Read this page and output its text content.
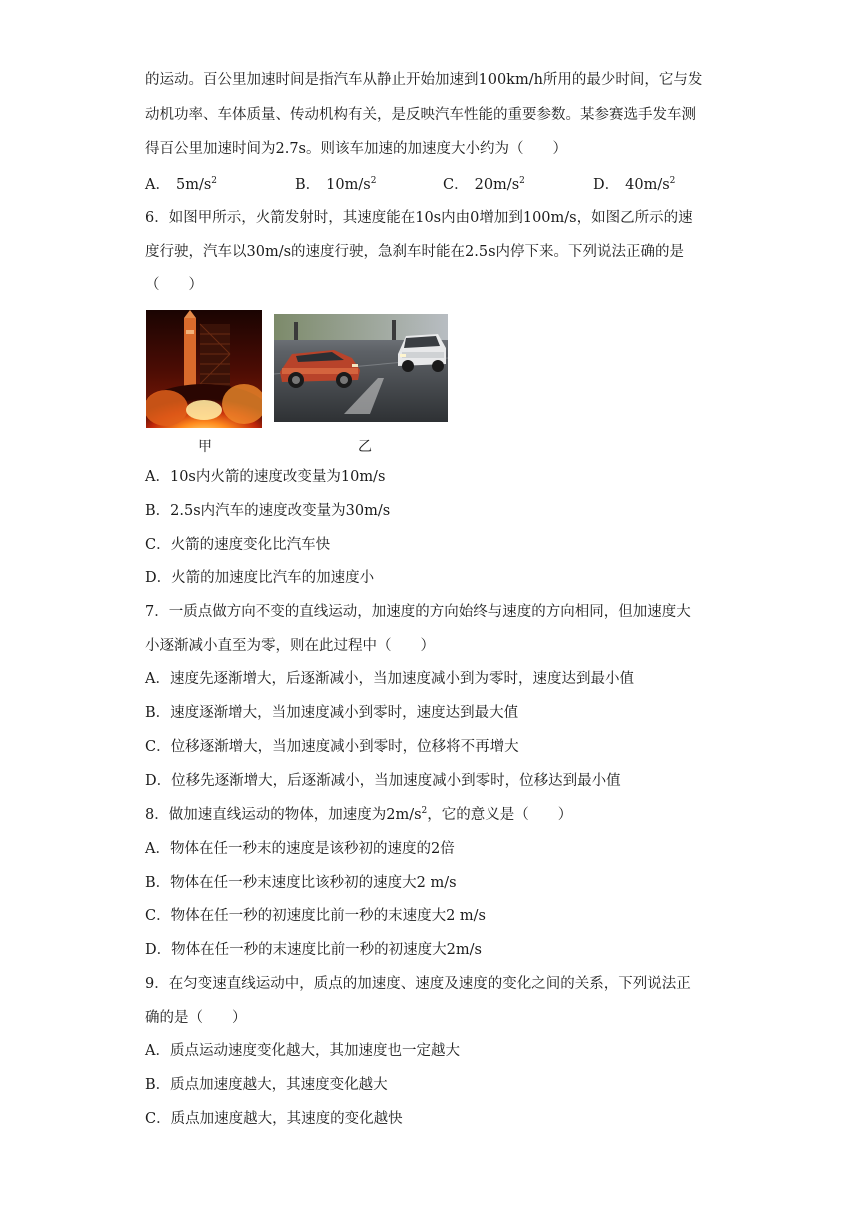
的运动。百公里加速时间是指汽车从静止开始加速到100km/h所用的最少时间，它与发
动机功率、车体质量、传动机构有关，是反映汽车性能的重要参数。某参赛选手发车测
得百公里加速时间为2.7s。则该车加速的加速度大小约为（　　）
A． $5m/s^2$	B． $10m/s^2$	C． $20m/s^2$	D． $40m/s^2$
6．如图甲所示，火箭发射时，其速度能在10s内由0增加到100m/s，如图乙所示的速
度行驶，汽车以30m/s的速度行驶，急刹车时能在2.5s内停下来。下列说法正确的是
（　　）
甲	乙
A．10s内火箭的速度改变量为10m/s
B．2.5s内汽车的速度改变量为30m/s
C．火箭的速度变化比汽车快
D．火箭的加速度比汽车的加速度小
7．一质点做方向不变的直线运动，加速度的方向始终与速度的方向相同，但加速度大
小逐渐减小直至为零，则在此过程中（　　）
A．速度先逐渐增大，后逐渐减小，当加速度减小到为零时，速度达到最小值
B．速度逐渐增大，当加速度减小到零时，速度达到最大值
C．位移逐渐增大，当加速度减小到零时，位移将不再增大
D．位移先逐渐增大，后逐渐减小，当加速度减小到零时，位移达到最小值
8．做加速直线运动的物体，加速度为$2m/s^2$，它的意义是（　　）
A．物体在任一秒末的速度是该秒初的速度的2倍
B．物体在任一秒末速度比该秒初的速度大2 m/s
C．物体在任一秒的初速度比前一秒的末速度大2 m/s
D．物体在任一秒的末速度比前一秒的初速度大2m/s
9．在匀变速直线运动中，质点的加速度、速度及速度的变化之间的关系，下列说法正
确的是（　　）
A．质点运动速度变化越大，其加速度也一定越大
B．质点加速度越大，其速度变化越大
C．质点加速度越大，其速度的变化越快
